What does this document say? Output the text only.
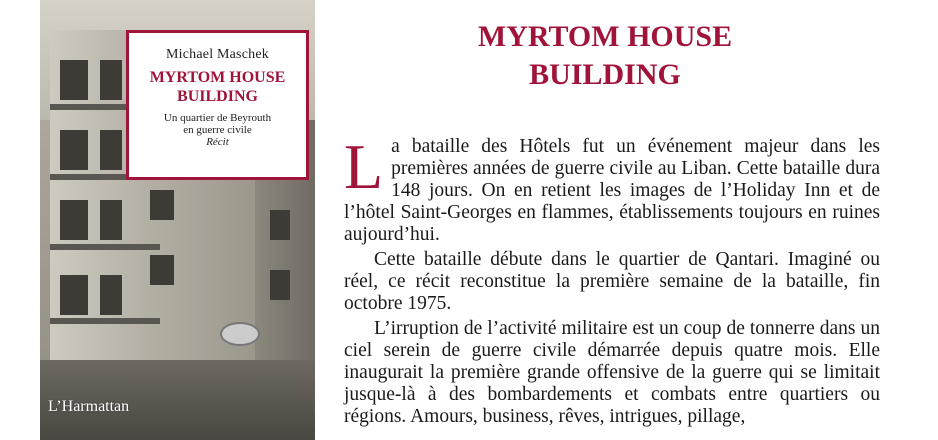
Michael Maschek
MYRTOM HOUSE
BUILDING
Un quartier de Beyrouth
en guerre civile
Récit
L’Harmattan
MYRTOM HOUSE
BUILDING

La bataille des Hôtels fut un événement majeur dans les premières années de guerre civile au Liban. Cette bataille dura 148 jours. On en retient les images de l’Holiday Inn et de l’hôtel Saint-Georges en flammes, établissements toujours en ruines aujourd’hui.

Cette bataille débute dans le quartier de Qantari. Imaginé ou réel, ce récit reconstitue la première semaine de la bataille, fin octobre 1975.

L’irruption de l’activité militaire est un coup de tonnerre dans un ciel serein de guerre civile démarrée depuis quatre mois. Elle inaugurait la première grande offensive de la guerre qui se limitait jusque-là à des bombardements et combats entre quartiers ou régions. Amours, business, rêves, intrigues, pillage,
